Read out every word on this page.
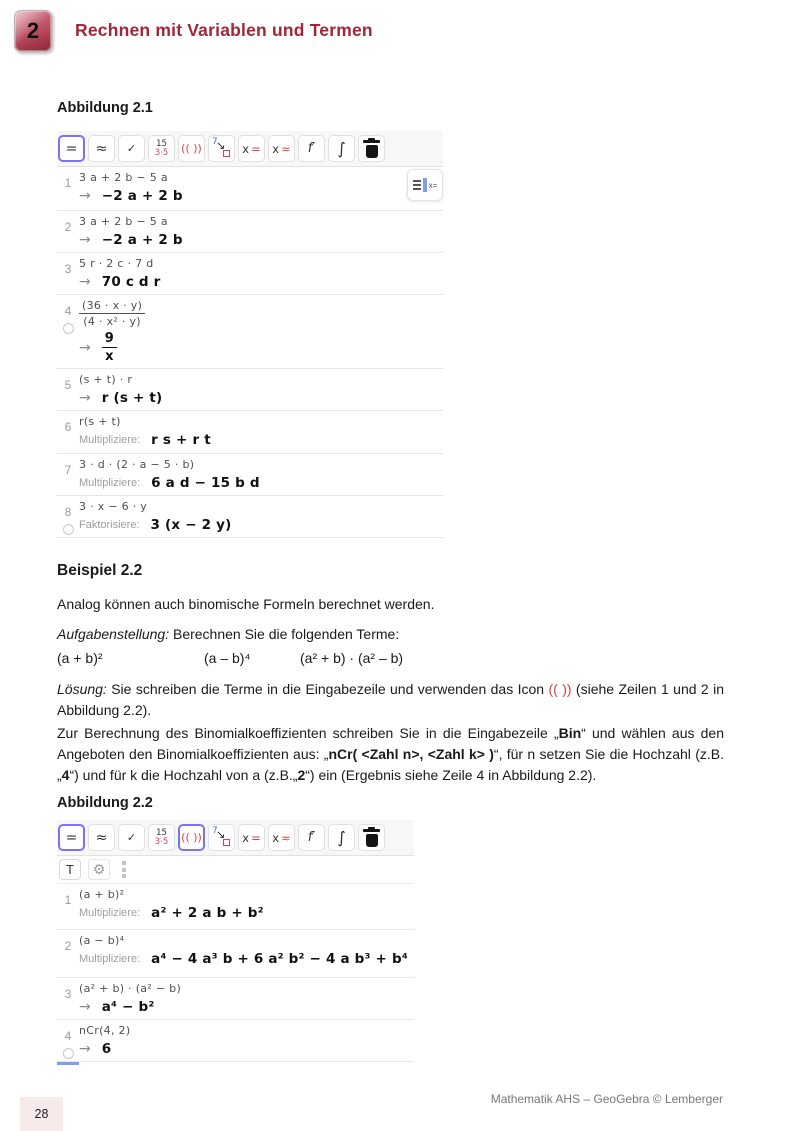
2 Rechnen mit Variablen und Termen
Abbildung 2.1
= ≈ ✓ 15
3·5 (( )) 7
↘ x = x ≈ f′ ∫
1 3 a + 2 b − 5 a
→ −2 a + 2 b
2 3 a + 2 b − 5 a
→ −2 a + 2 b
3 5 r · 2 c · 7 d
→ 70 c d r
$4 \frac{(36 \cdot x \cdot y)}{\text{(4 · x² · y)}}$
→ $\frac{9}{x}$
5 (s + t) · r
→ r (s + t)
6 r(s + t)
Multipliziere: r s + r t
7 3 · d · (2 · a − 5 · b)
Multipliziere: 6 a d − 15 b d
8 3 · x − 6 · y
Faktorisiere: 3 (x − 2 y)
x=
Beispiel 2.2
Analog können auch binomische Formeln berechnet werden.
Aufgabenstellung: Berechnen Sie die folgenden Terme:
(a + b)²	(a – b)⁴	(a² + b) · (a² – b)
Lösung: Sie schreiben die Terme in die Eingabezeile und verwenden das Icon (( )) (siehe Zeilen 1 und 2 in Abbildung 2.2).
Zur Berechnung des Binomialkoeffizienten schreiben Sie in die Eingabezeile „Bin“ und wählen aus den Angeboten den Binomialkoeffizienten aus: „nCr( <Zahl n>, <Zahl k> )“, für n setzen Sie die Hochzahl (z.B.„4“) und für k die Hochzahl von a (z.B.„2“) ein (Ergebnis siehe Zeile 4 in Abbildung 2.2).
Abbildung 2.2
= ≈ ✓ 15
3·5 (( )) 7
↘ x = x ≈ f′ ∫
T	⚙
1 (a + b)²
Multipliziere: a² + 2 a b + b²
2 (a − b)⁴
Multipliziere: a⁴ − 4 a³ b + 6 a² b² − 4 a b³ + b⁴
3 (a² + b) · (a² − b)
→ a⁴ − b²
4 nCr(4, 2)
→ 6
Mathematik AHS – GeoGebra © Lemberger
28
